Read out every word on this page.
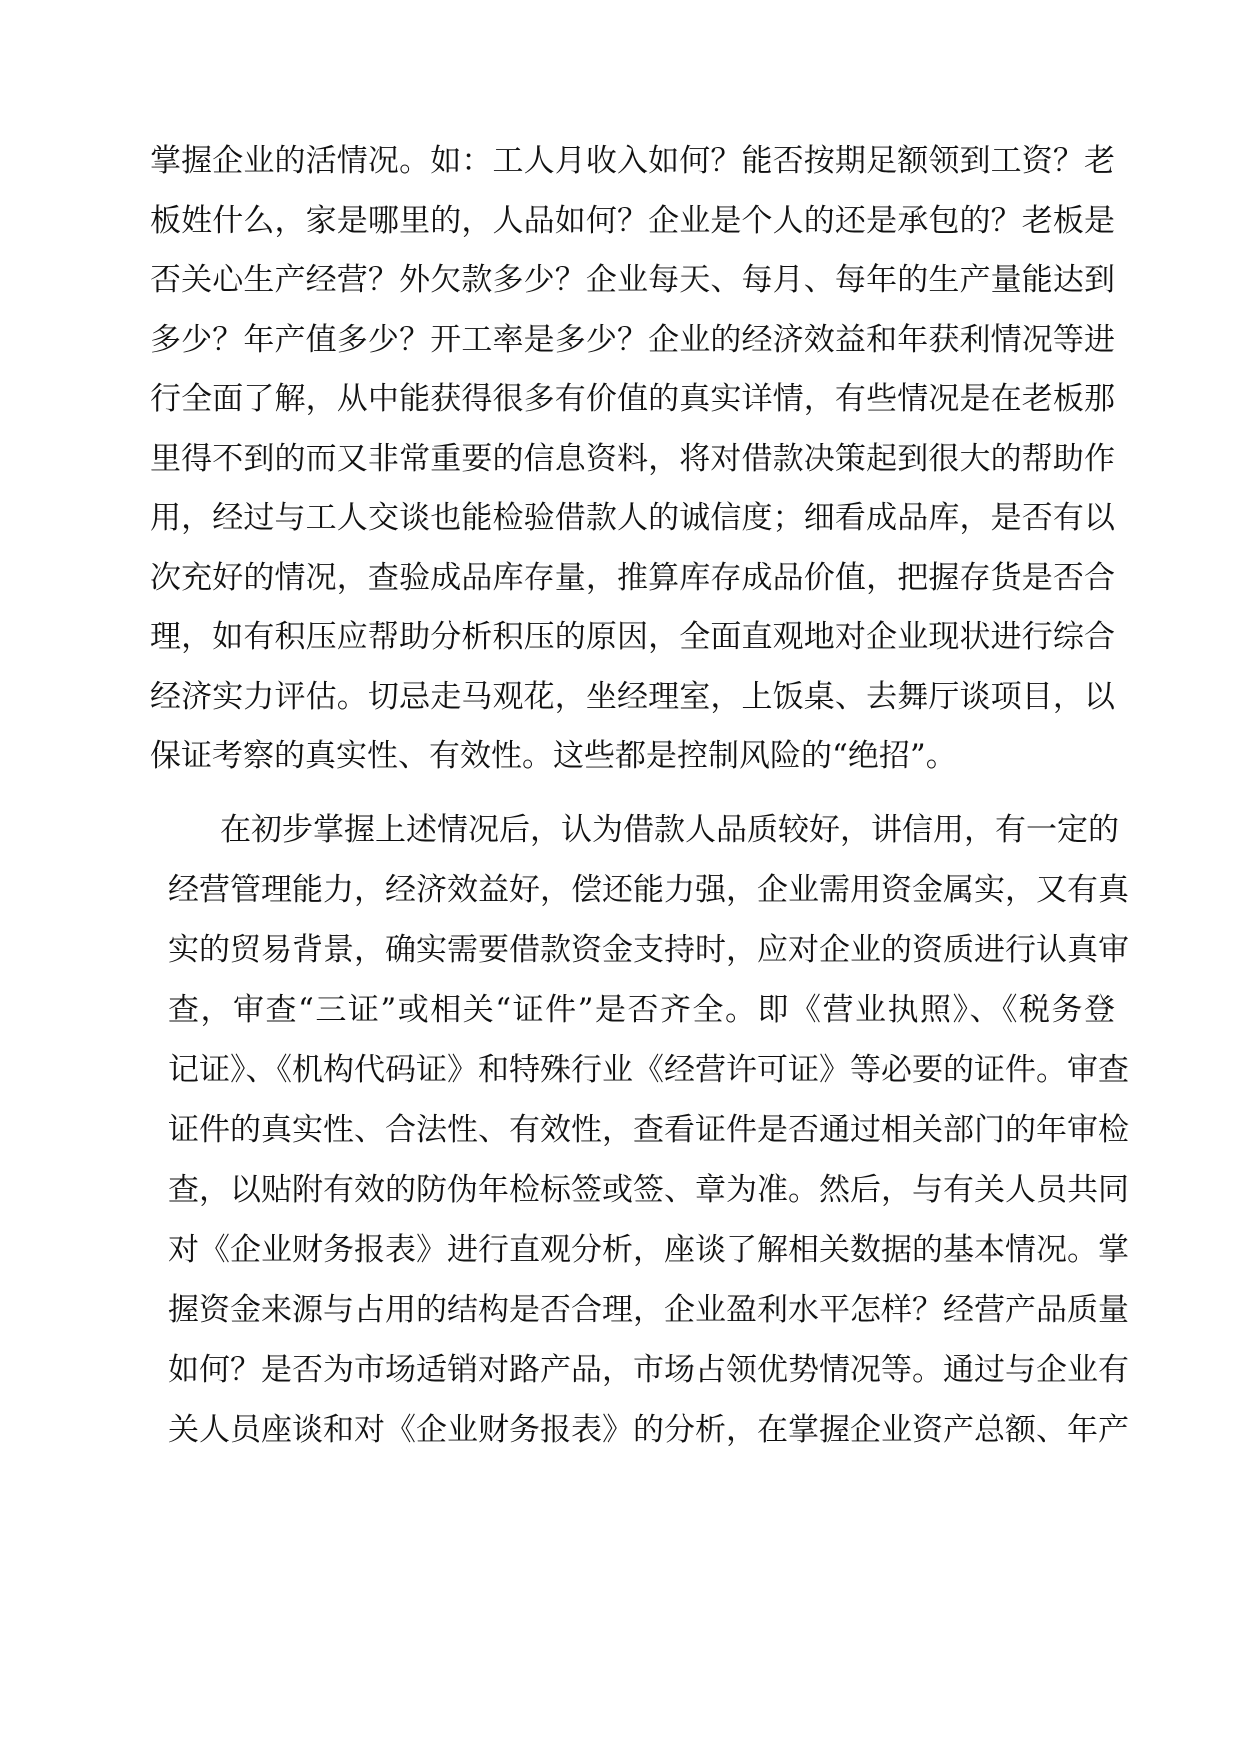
掌握企业的活情况。如：工人月收入如何？能否按期足额领到工资？老
板姓什么，家是哪里的，人品如何？企业是个人的还是承包的？老板是
否关心生产经营？外欠款多少？企业每天、每月、每年的生产量能达到
多少？年产值多少？开工率是多少？企业的经济效益和年获利情况等进
行全面了解，从中能获得很多有价值的真实详情，有些情况是在老板那
里得不到的而又非常重要的信息资料，将对借款决策起到很大的帮助作
用，经过与工人交谈也能检验借款人的诚信度；细看成品库，是否有以
次充好的情况，查验成品库存量，推算库存成品价值，把握存货是否合
理，如有积压应帮助分析积压的原因，全面直观地对企业现状进行综合
经济实力评估。切忌走马观花，坐经理室，上饭桌、去舞厅谈项目，以
保证考察的真实性、有效性。这些都是控制风险的“绝招”。
在初步掌握上述情况后，认为借款人品质较好，讲信用，有一定的
经营管理能力，经济效益好，偿还能力强，企业需用资金属实，又有真
实的贸易背景，确实需要借款资金支持时，应对企业的资质进行认真审
查，审查“三证”或相关“证件”是否齐全。即《营业执照》、《税务登
记证》、《机构代码证》和特殊行业《经营许可证》等必要的证件。审查
证件的真实性、合法性、有效性，查看证件是否通过相关部门的年审检
查，以贴附有效的防伪年检标签或签、章为准。然后，与有关人员共同
对《企业财务报表》进行直观分析，座谈了解相关数据的基本情况。掌
握资金来源与占用的结构是否合理，企业盈利水平怎样？经营产品质量
如何？是否为市场适销对路产品，市场占领优势情况等。通过与企业有
关人员座谈和对《企业财务报表》的分析，在掌握企业资产总额、年产
